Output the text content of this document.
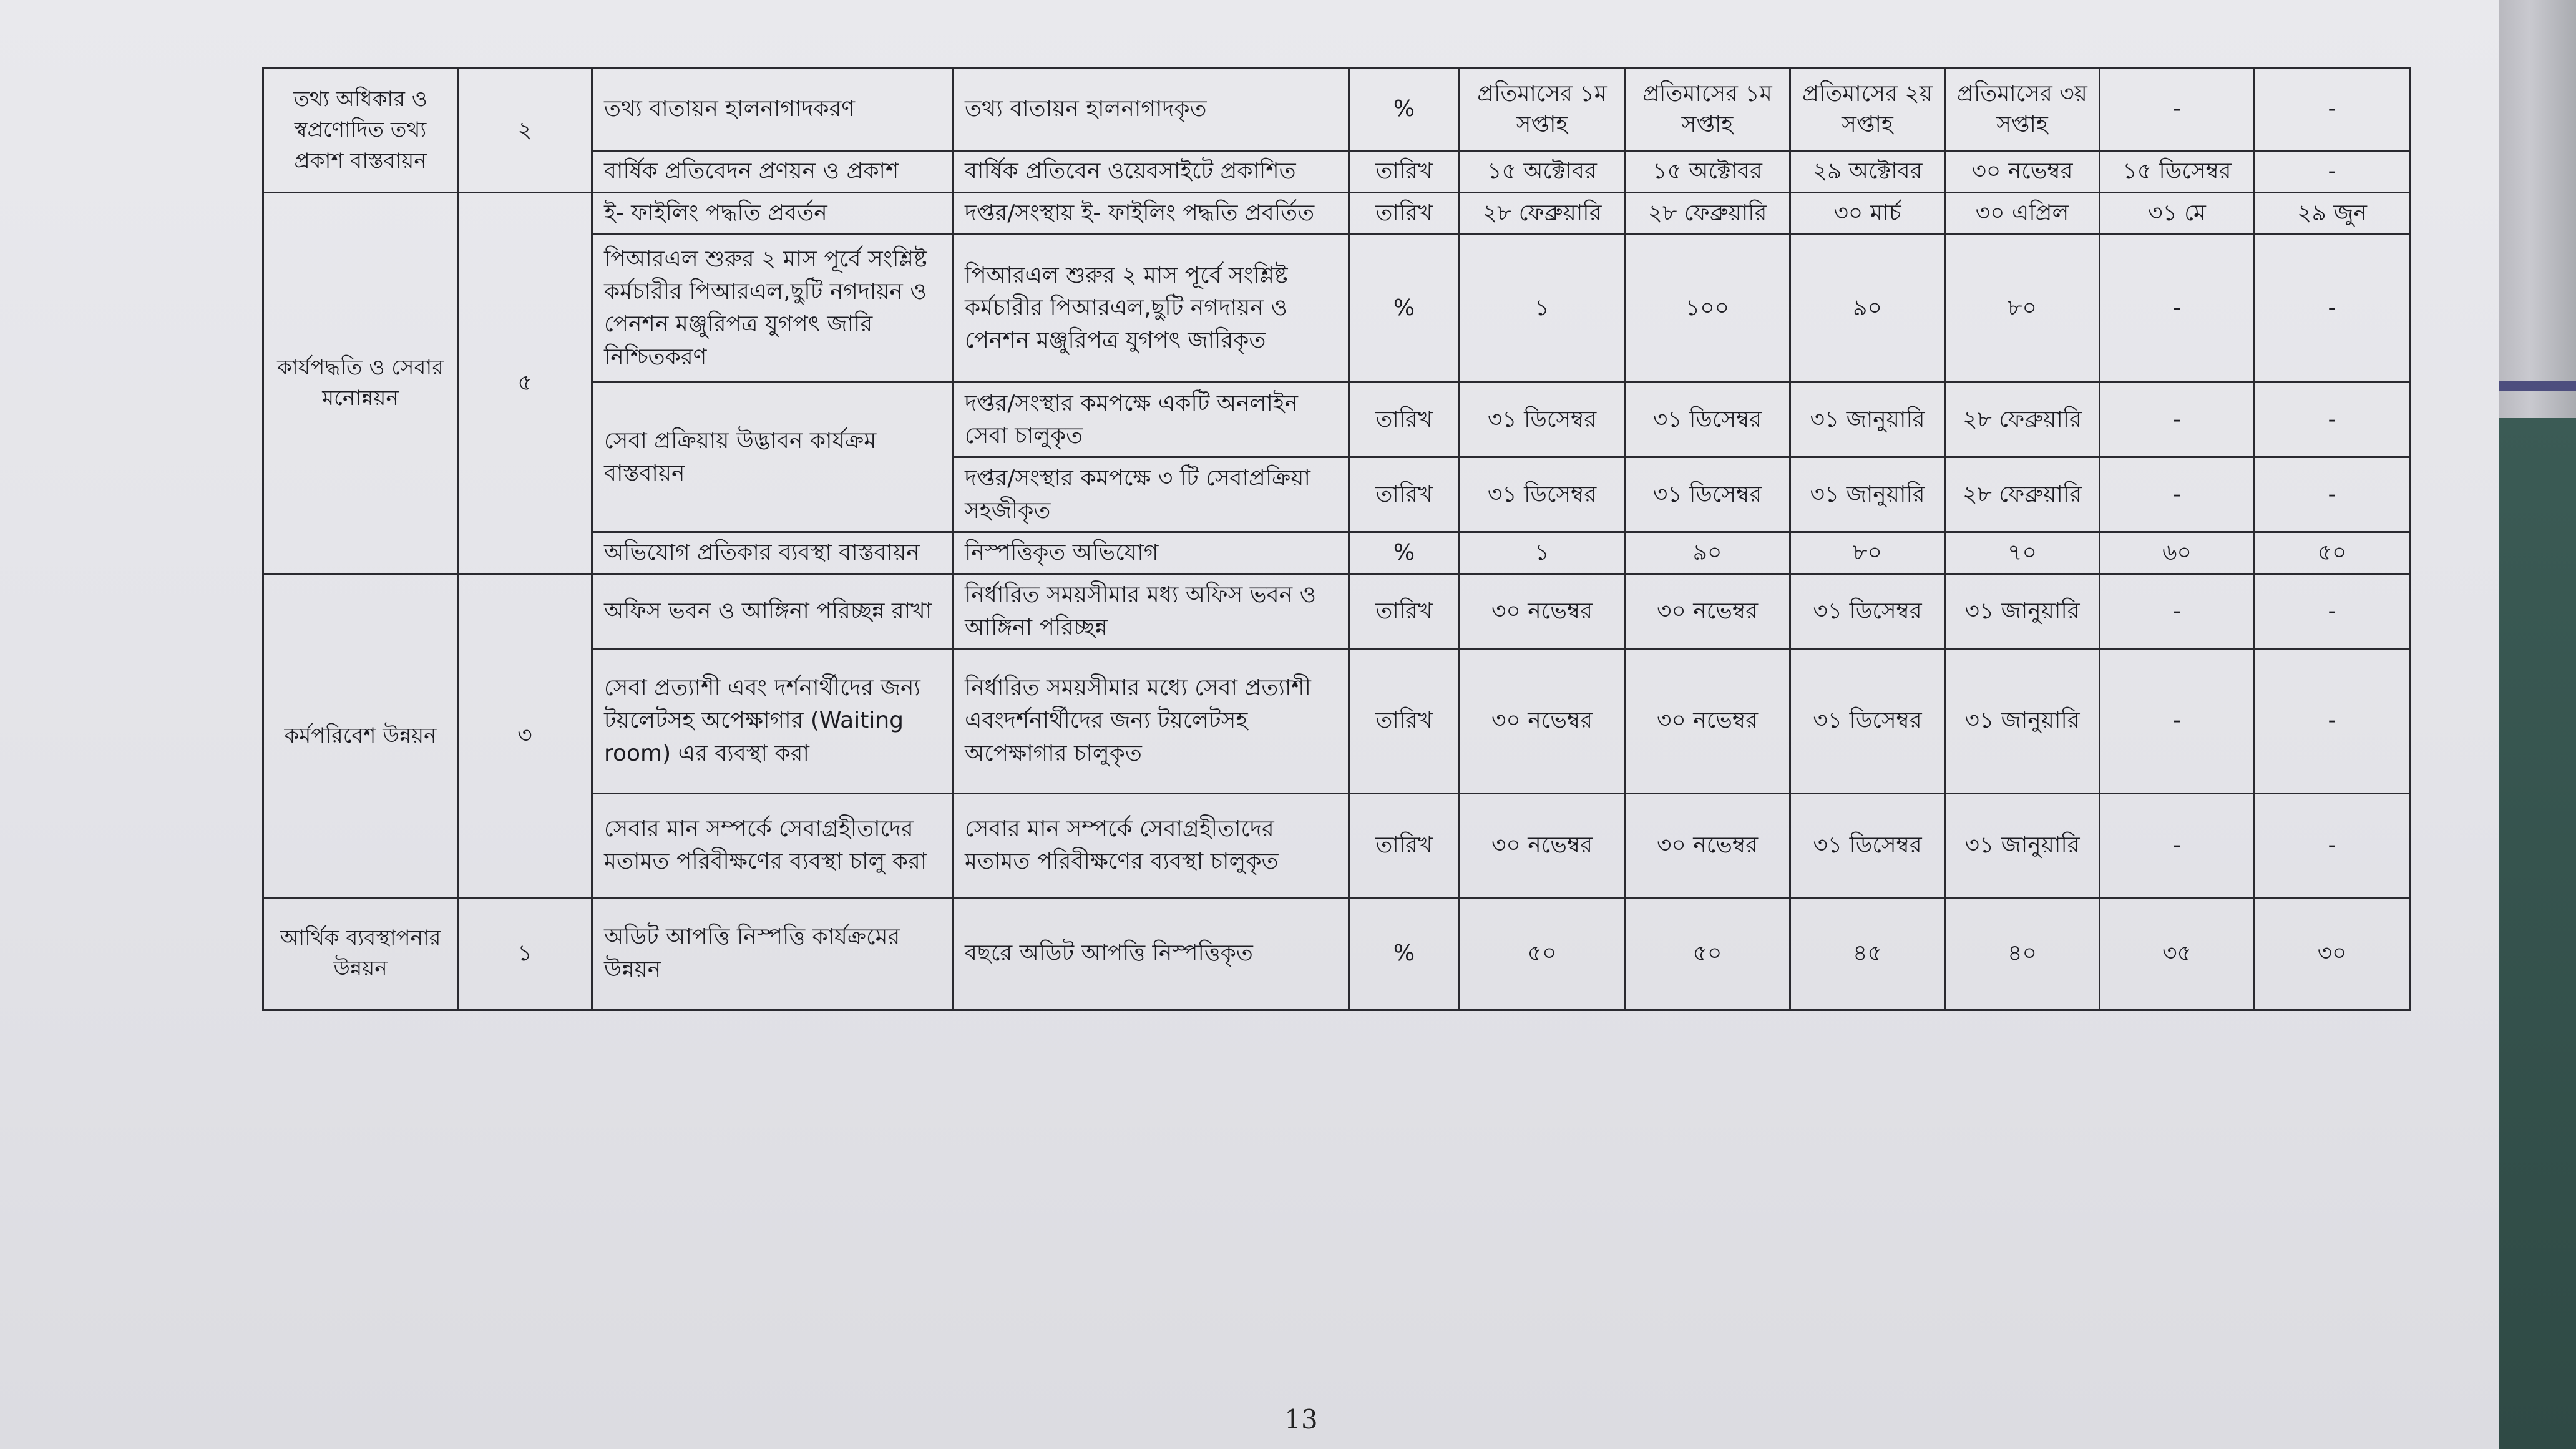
তথ্য অধিকার ও স্বপ্রণোদিত তথ্য প্রকাশ বাস্তবায়ন	২	তথ্য বাতায়ন হালনাগাদকরণ	তথ্য বাতায়ন হালনাগাদকৃত	%	প্রতিমাসের ১ম সপ্তাহ	প্রতিমাসের ১ম সপ্তাহ	প্রতিমাসের ২য় সপ্তাহ	প্রতিমাসের ৩য় সপ্তাহ	-	-
		বার্ষিক প্রতিবেদন প্রণয়ন ও প্রকাশ	বার্ষিক প্রতিবেন ওয়েবসাইটে প্রকাশিত	তারিখ	১৫ অক্টোবর	১৫ অক্টোবর	২৯ অক্টোবর	৩০ নভেম্বর	১৫ ডিসেম্বর	-
কার্যপদ্ধতি ও সেবার মনোন্নয়ন	৫	ই- ফাইলিং পদ্ধতি প্রবর্তন	দপ্তর/সংস্থায় ই- ফাইলিং পদ্ধতি প্রবর্তিত	তারিখ	২৮ ফেব্রুয়ারি	২৮ ফেব্রুয়ারি	৩০ মার্চ	৩০ এপ্রিল	৩১ মে	২৯ জুন
		পিআরএল শুরুর ২ মাস পূর্বে সংশ্লিষ্ট কর্মচারীর পিআরএল,ছুটি নগদায়ন ও পেনশন মঞ্জুরিপত্র যুগপৎ জারি নিশ্চিতকরণ	পিআরএল শুরুর ২ মাস পূর্বে সংশ্লিষ্ট কর্মচারীর পিআরএল,ছুটি নগদায়ন ও পেনশন মঞ্জুরিপত্র যুগপৎ জারিকৃত	%	১	১০০	৯০	৮০	-	-
		সেবা প্রক্রিয়ায় উদ্ভাবন কার্যক্রম বাস্তবায়ন	দপ্তর/সংস্থার কমপক্ষে একটি অনলাইন সেবা চালুকৃত	তারিখ	৩১ ডিসেম্বর	৩১ ডিসেম্বর	৩১ জানুয়ারি	২৮ ফেব্রুয়ারি	-	-
			দপ্তর/সংস্থার কমপক্ষে ৩ টি সেবাপ্রক্রিয়া সহজীকৃত	তারিখ	৩১ ডিসেম্বর	৩১ ডিসেম্বর	৩১ জানুয়ারি	২৮ ফেব্রুয়ারি	-	-
		অভিযোগ প্রতিকার ব্যবস্থা বাস্তবায়ন	নিস্পত্তিকৃত অভিযোগ	%	১	৯০	৮০	৭০	৬০	৫০
কর্মপরিবেশ উন্নয়ন	৩	অফিস ভবন ও আঙ্গিনা পরিচ্ছন্ন রাখা	নির্ধারিত সময়সীমার মধ্য অফিস ভবন ও আঙ্গিনা পরিচ্ছন্ন	তারিখ	৩০ নভেম্বর	৩০ নভেম্বর	৩১ ডিসেম্বর	৩১ জানুয়ারি	-	-
		সেবা প্রত্যাশী এবং দর্শনার্থীদের জন্য টয়লেটসহ অপেক্ষাগার (Waiting room) এর ব্যবস্থা করা	নির্ধারিত সময়সীমার মধ্যে সেবা প্রত্যাশী এবংদর্শনার্থীদের জন্য টয়লেটসহ অপেক্ষাগার চালুকৃত	তারিখ	৩০ নভেম্বর	৩০ নভেম্বর	৩১ ডিসেম্বর	৩১ জানুয়ারি	-	-
		সেবার মান সম্পর্কে সেবাগ্রহীতাদের মতামত পরিবীক্ষণের ব্যবস্থা চালু করা	সেবার মান সম্পর্কে সেবাগ্রহীতাদের মতামত পরিবীক্ষণের ব্যবস্থা চালুকৃত	তারিখ	৩০ নভেম্বর	৩০ নভেম্বর	৩১ ডিসেম্বর	৩১ জানুয়ারি	-	-
আর্থিক ব্যবস্থাপনার উন্নয়ন	১	অডিট আপত্তি নিস্পত্তি কার্যক্রমের উন্নয়ন	বছরে অডিট আপত্তি নিস্পত্তিকৃত	%	৫০	৫০	৪৫	৪০	৩৫	৩০
13
